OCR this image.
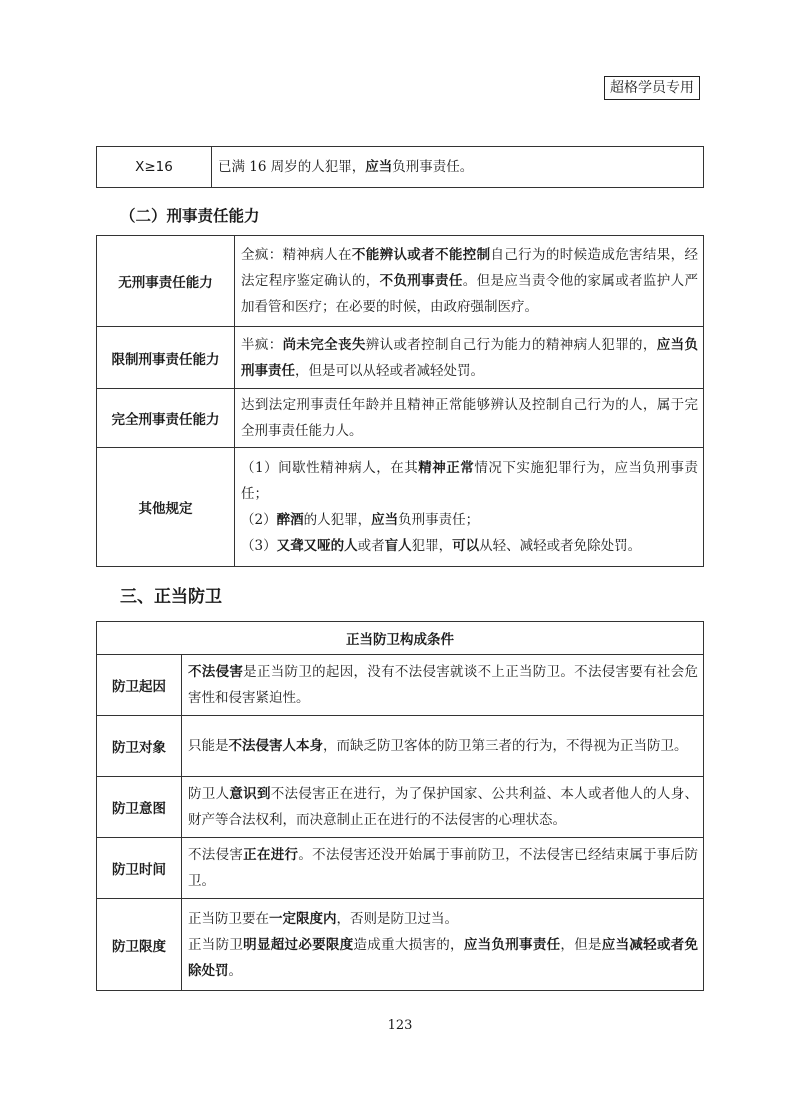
超格学员专用
X≥16	已满 16 周岁的人犯罪，应当负刑事责任。
（二）刑事责任能力
无刑事责任能力	全疯：精神病人在不能辨认或者不能控制自己行为的时候造成危害结果，经法定程序鉴定确认的，不负刑事责任。但是应当责令他的家属或者监护人严加看管和医疗；在必要的时候，由政府强制医疗。

限制刑事责任能力	半疯：尚未完全丧失辨认或者控制自己行为能力的精神病人犯罪的，应当负刑事责任，但是可以从轻或者减轻处罚。

完全刑事责任能力	达到法定刑事责任年龄并且精神正常能够辨认及控制自己行为的人，属于完全刑事责任能力人。

其他规定	（1）间歇性精神病人，在其精神正常情况下实施犯罪行为，应当负刑事责任；

（2）醉酒的人犯罪，应当负刑事责任；

（3）又聋又哑的人或者盲人犯罪，可以从轻、减轻或者免除处罚。

三、正当防卫
正当防卫构成条件	
防卫起因	不法侵害是正当防卫的起因，没有不法侵害就谈不上正当防卫。不法侵害要有社会危害性和侵害紧迫性。

防卫对象	只能是不法侵害人本身，而缺乏防卫客体的防卫第三者的行为，不得视为正当防卫。

防卫意图	防卫人意识到不法侵害正在进行，为了保护国家、公共利益、本人或者他人的人身、财产等合法权利，而决意制止正在进行的不法侵害的心理状态。

防卫时间	不法侵害正在进行。不法侵害还没开始属于事前防卫，不法侵害已经结束属于事后防卫。

防卫限度	正当防卫要在一定限度内，否则是防卫过当。

正当防卫明显超过必要限度造成重大损害的，应当负刑事责任，但是应当减轻或者免除处罚。

123
